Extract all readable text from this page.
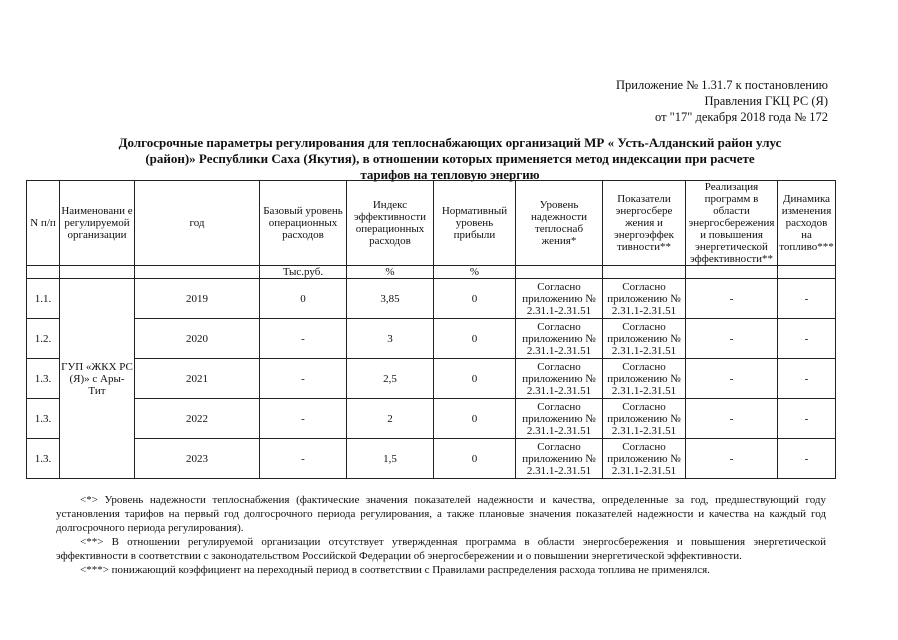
Приложение № 1.31.7 к постановлению
Правления ГКЦ РС (Я)
от "17" декабря 2018 года № 172
Долгосрочные параметры регулирования для теплоснабжающих организаций МР « Усть-Алданский район улус
(район)» Республики Саха (Якутия), в отношении которых применяется метод индексации при расчете
тарифов на тепловую энергию
N п/п	Наименовани е регулируемой организации	год	Базовый уровень операционных расходов	Индекс эффективности операционных расходов	Нормативный уровень прибыли	Уровень надежности теплоснаб жения*	Показатели энергосбере жения и энергоэффек тивности**	Реализация программ в области энергосбережения и повышения энергетической эффективности**	Динамика изменения расходов на топливо***
			Тыс.руб.	%	%				
1.1.	ГУП «ЖКХ РС (Я)» с Ары-Тит	2019	0	3,85	0	Согласно приложению № 2.31.1-2.31.51	Согласно приложению № 2.31.1-2.31.51	-	-
1.2.		2020	-	3	0	Согласно приложению № 2.31.1-2.31.51	Согласно приложению № 2.31.1-2.31.51	-	-
1.3.		2021	-	2,5	0	Согласно приложению № 2.31.1-2.31.51	Согласно приложению № 2.31.1-2.31.51	-	-
1.3.		2022	-	2	0	Согласно приложению № 2.31.1-2.31.51	Согласно приложению № 2.31.1-2.31.51	-	-
1.3.		2023	-	1,5	0	Согласно приложению № 2.31.1-2.31.51	Согласно приложению № 2.31.1-2.31.51	-	-

<*> Уровень надежности теплоснабжения (фактические значения показателей надежности и качества, определенные за год, предшествующий году установления тарифов на первый год долгосрочного периода регулирования, а также плановые значения показателей надежности и качества на каждый год долгосрочного периода регулирования).

<**> В отношении регулируемой организации отсутствует утвержденная программа в области энергосбережения и повышения энергетической эффективности в соответствии с законодательством Российской Федерации об энергосбережении и о повышении энергетической эффективности.

<***> понижающий коэффициент на переходный период в соответствии с Правилами распределения расхода топлива не применялся.
